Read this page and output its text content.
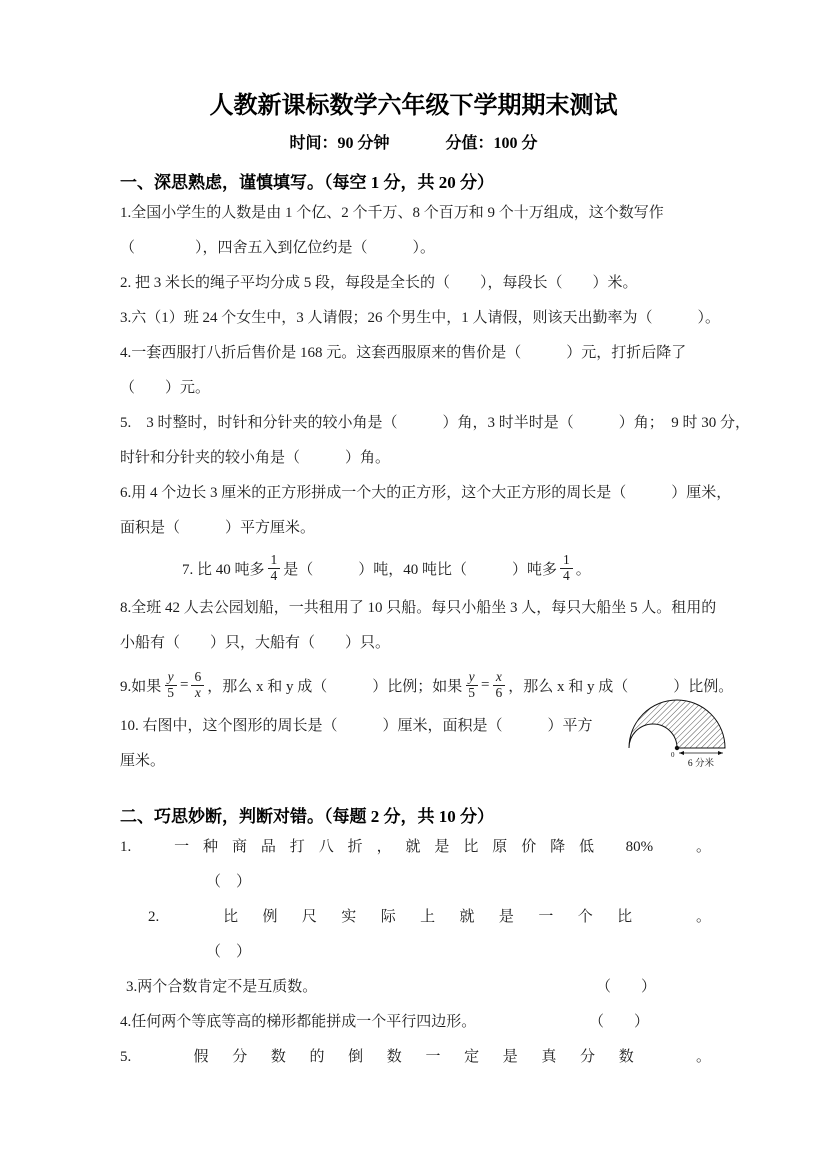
人教新课标数学六年级下学期期末测试
时间：90 分钟	分值：100 分
一、深思熟虑，谨慎填写。（每空 1 分，共 20 分）
1.全国小学生的人数是由 1 个亿、2 个千万、8 个百万和 9 个十万组成，这个数写作
（　　　　），四舍五入到亿位约是（　　　）。
2. 把 3 米长的绳子平均分成 5 段，每段是全长的（　　），每段长（　　）米。
3.六（1）班 24 个女生中，3 人请假；26 个男生中，1 人请假，则该天出勤率为（　　　）。
4.一套西服打八折后售价是 168 元。这套西服原来的售价是（　　　）元，打折后降了
（　　）元。
5.　3 时整时，时针和分针夹的较小角是（　　　）角，3 时半时是（　　　）角；　9 时 30 分，
时针和分针夹的较小角是（　　　）角。
6.用 4 个边长 3 厘米的正方形拼成一个大的正方形，这个大正方形的周长是（　　　）厘米，
面积是（　　　）平方厘米。
7. 比 40 吨多 $\frac{1}{4}$ 是（　　　）吨，40 吨比（　　　）吨多 $\frac{1}{4}$ 。
8.全班 42 人去公园划船，一共租用了 10 只船。每只小船坐 3 人，每只大船坐 5 人。租用的
小船有（　　）只，大船有（　　）只。
9.如果 $\frac{y}{5} = \frac{6}{x}$ ，那么 x 和 y 成（　　　）比例；如果 $\frac{y}{5} = \frac{x}{6}$ ，那么 x 和 y 成（　　　）比例。
10. 右图中，这个图形的周长是（　　　）厘米，面积是（　　　）平方
厘米。
二、巧思妙断，判断对错。（每题 2 分，共 10 分）
1.　一种商品打八折，就是比原价降低 80%　。
（　）
2.　比例尺实际上就是一个比　。
（　）
3.两个合数肯定不是互质数。	（　　）
4.任何两个等底等高的梯形都能拼成一个平行四边形。	（　　）
5.　假分数的倒数一定是真分数　。
0
6 分米
